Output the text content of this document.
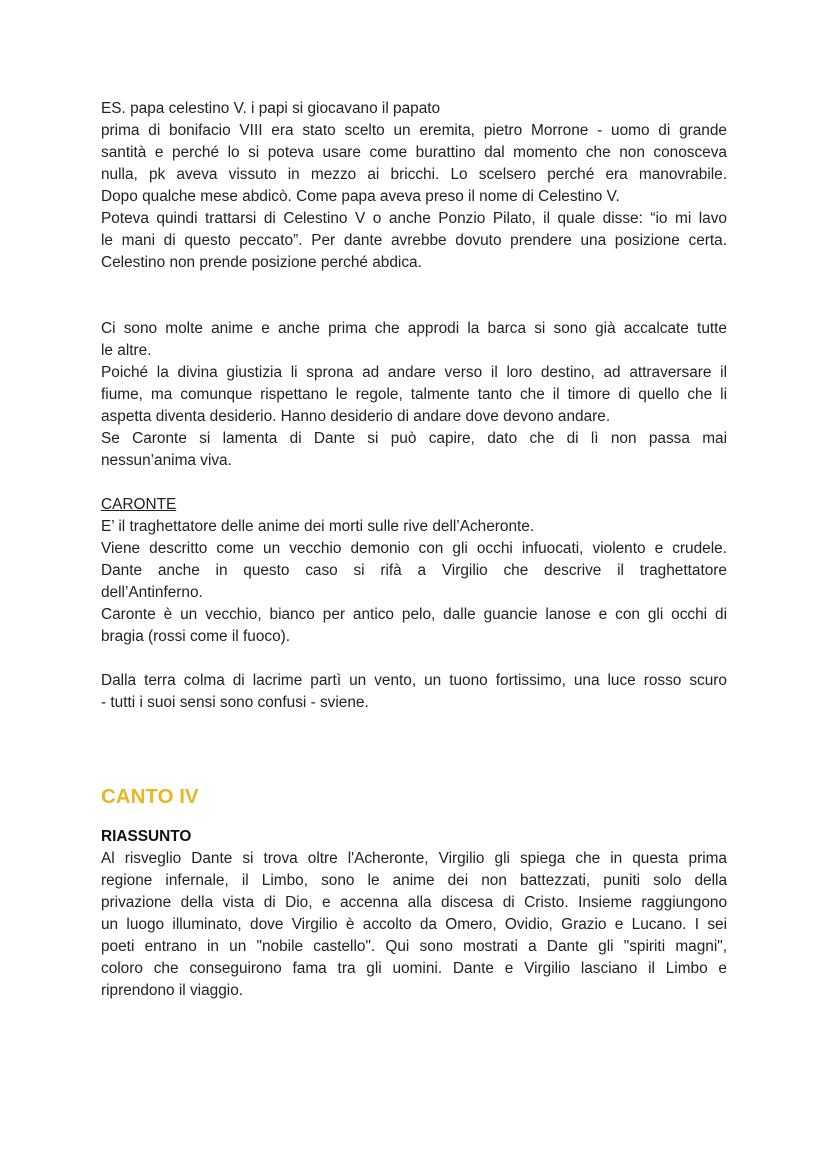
ES. papa celestino V. i papi si giocavano il papato
prima di bonifacio VIII era stato scelto un eremita, pietro Morrone - uomo di grande
santità e perché lo si poteva usare come burattino dal momento che non conosceva
nulla, pk aveva vissuto in mezzo ai bricchi. Lo scelsero perché era manovrabile.
Dopo qualche mese abdicò. Come papa aveva preso il nome di Celestino V.
Poteva quindi trattarsi di Celestino V o anche Ponzio Pilato, il quale disse: “io mi lavo
le mani di questo peccato”. Per dante avrebbe dovuto prendere una posizione certa.
Celestino non prende posizione perché abdica.
Ci sono molte anime e anche prima che approdi la barca si sono già accalcate tutte
le altre.
Poiché la divina giustizia li sprona ad andare verso il loro destino, ad attraversare il
fiume, ma comunque rispettano le regole, talmente tanto che il timore di quello che li
aspetta diventa desiderio. Hanno desiderio di andare dove devono andare.
Se Caronte si lamenta di Dante si può capire, dato che di lì non passa mai
nessun’anima viva.
CARONTE
E’ il traghettatore delle anime dei morti sulle rive dell’Acheronte.
Viene descritto come un vecchio demonio con gli occhi infuocati, violento e crudele.
Dante anche in questo caso si rifà a Virgilio che descrive il traghettatore
dell’Antinferno.
Caronte è un vecchio, bianco per antico pelo, dalle guancie lanose e con gli occhi di
bragia (rossi come il fuoco).
Dalla terra colma di lacrime partì un vento, un tuono fortissimo, una luce rosso scuro
- tutti i suoi sensi sono confusi - sviene.
CANTO IV
RIASSUNTO
Al risveglio Dante si trova oltre l'Acheronte, Virgilio gli spiega che in questa prima
regione infernale, il Limbo, sono le anime dei non battezzati, puniti solo della
privazione della vista di Dio, e accenna alla discesa di Cristo. Insieme raggiungono
un luogo illuminato, dove Virgilio è accolto da Omero, Ovidio, Grazio e Lucano. I sei
poeti entrano in un "nobile castello". Qui sono mostrati a Dante gli "spiriti magni",
coloro che conseguirono fama tra gli uomini. Dante e Virgilio lasciano il Limbo e
riprendono il viaggio.
